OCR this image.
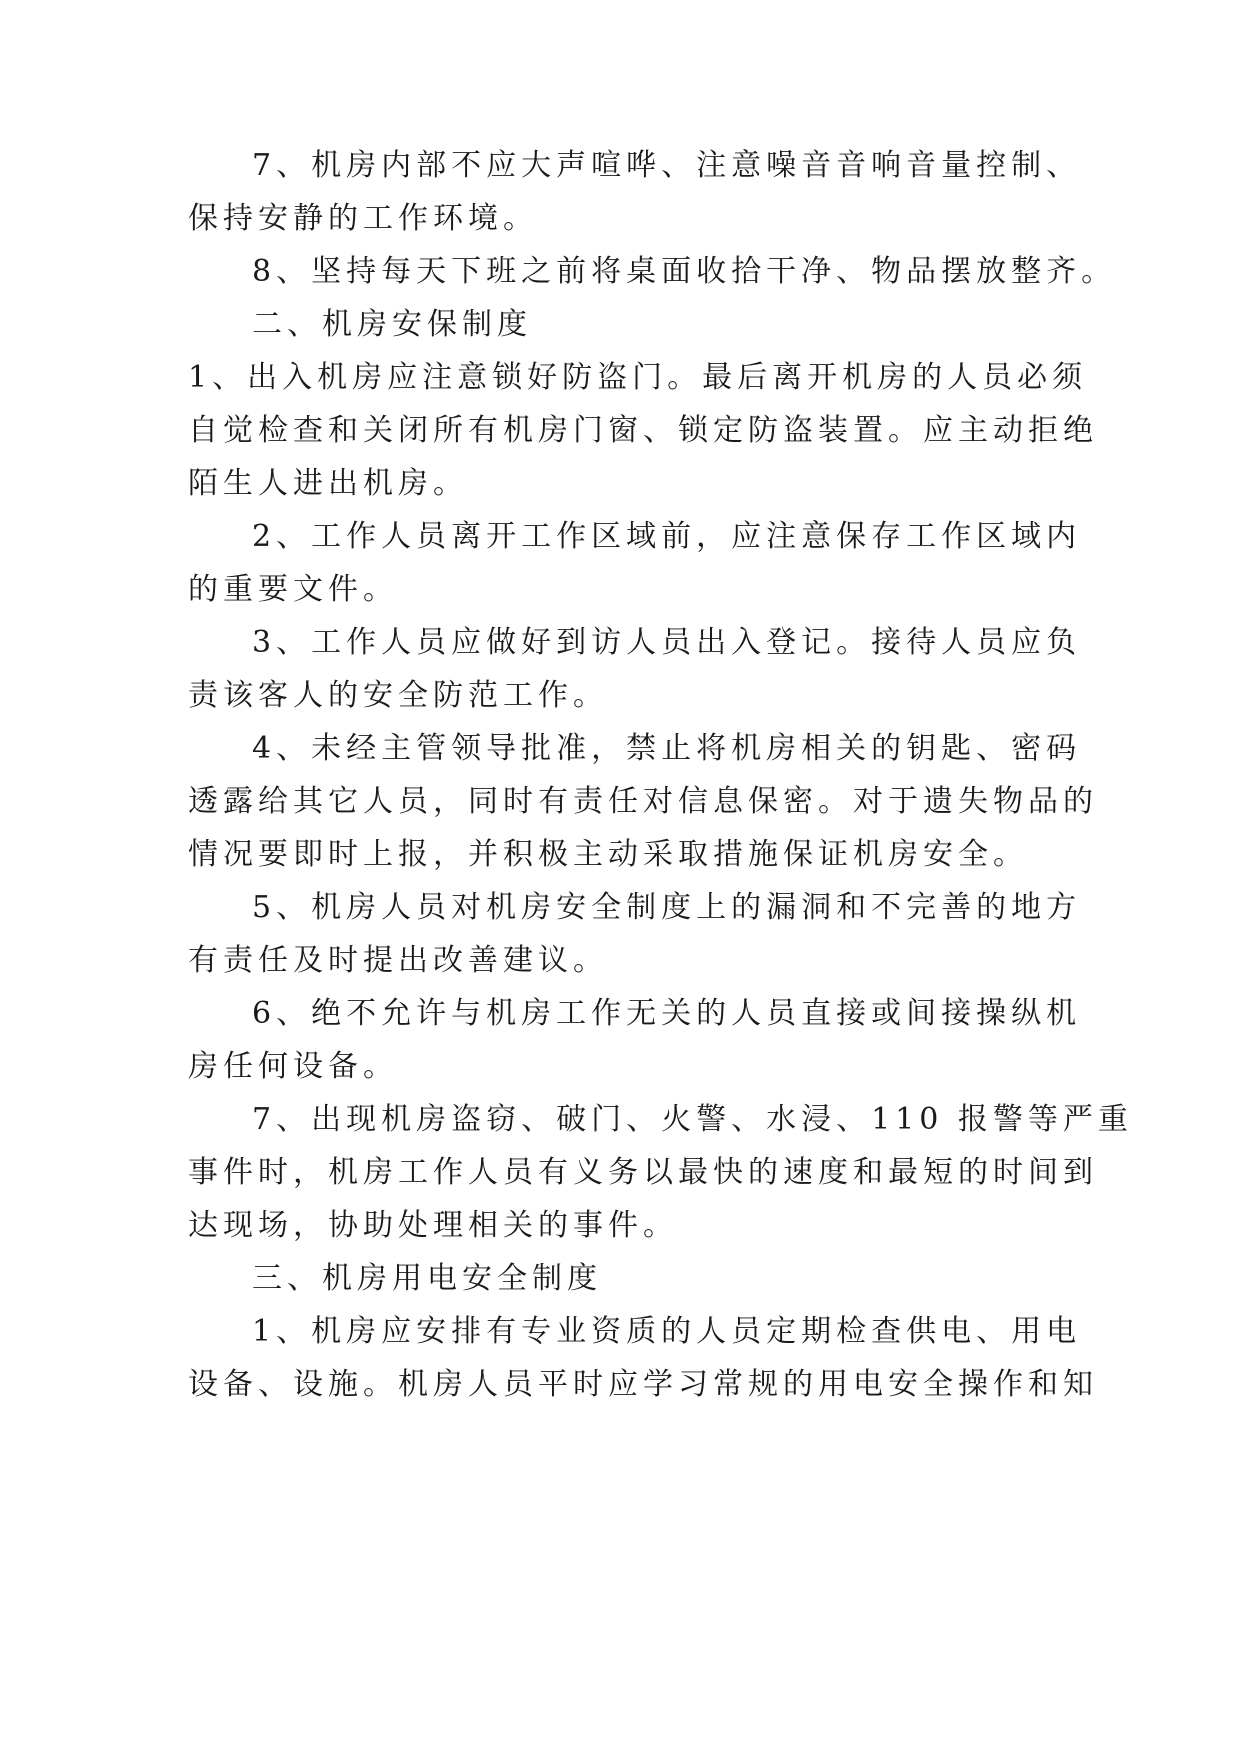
7、机房内部不应大声喧哗、注意噪音音响音量控制、
保持安静的工作环境。
8、坚持每天下班之前将桌面收拾干净、物品摆放整齐。
二、机房安保制度
1、出入机房应注意锁好防盗门。最后离开机房的人员必须
自觉检查和关闭所有机房门窗、锁定防盗装置。应主动拒绝
陌生人进出机房。
2、工作人员离开工作区域前，应注意保存工作区域内
的重要文件。
3、工作人员应做好到访人员出入登记。接待人员应负
责该客人的安全防范工作。
4、未经主管领导批准，禁止将机房相关的钥匙、密码
透露给其它人员，同时有责任对信息保密。对于遗失物品的
情况要即时上报，并积极主动采取措施保证机房安全。
5、机房人员对机房安全制度上的漏洞和不完善的地方
有责任及时提出改善建议。
6、绝不允许与机房工作无关的人员直接或间接操纵机
房任何设备。
7、出现机房盗窃、破门、火警、水浸、110 报警等严重
事件时，机房工作人员有义务以最快的速度和最短的时间到
达现场，协助处理相关的事件。
三、机房用电安全制度
1、机房应安排有专业资质的人员定期检查供电、用电
设备、设施。机房人员平时应学习常规的用电安全操作和知
